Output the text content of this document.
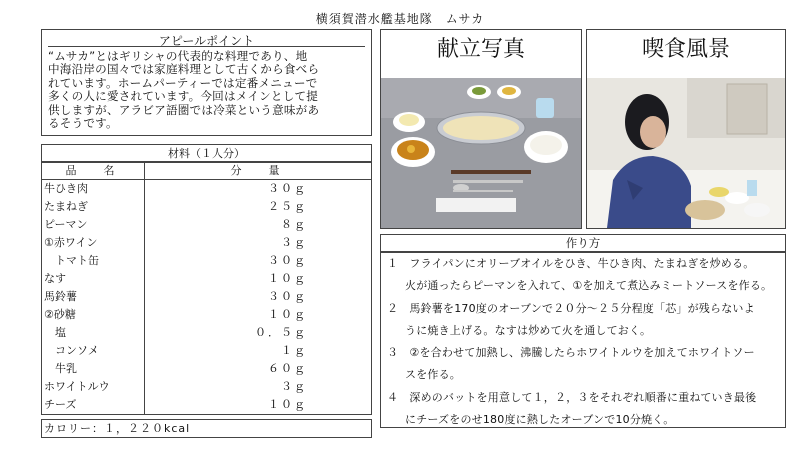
横須賀潜水艦基地隊　ムサカ
アピールポイント
“ムサカ”とはギリシャの代表的な料理であり、地
中海沿岸の国々では家庭料理として古くから食べら
れています。ホームパーティーでは定番メニューで
多くの人に愛されています。今回はメインとして提
供しますが、アラビア語圏では冷菜という意味があ
るそうです。
材料（１人分）
品　名	分　量
牛ひき肉	３０ｇ
たまねぎ	２５ｇ
ピーマン	８ｇ
①赤ワイン	３ｇ
　トマト缶	３０ｇ
なす	１０ｇ
馬鈴薯	３０ｇ
②砂糖	１０ｇ
　塩	０．５ｇ
　コンソメ	１ｇ
　牛乳	６０ｇ
ホワイトルウ	３ｇ
チーズ	１０ｇ
カロリー：１，２２０kcal
献立写真	喫食風景
作り方

１　フライパンにオリーブオイルをひき、牛ひき肉、たまねぎを炒める。

火が通ったらピーマンを入れて、①を加えて煮込みミートソースを作る。

２　馬鈴薯を170度のオーブンで２０分～２５分程度「芯」が残らないよ

うに焼き上げる。なすは炒めて火を通しておく。

３　②を合わせて加熱し、沸騰したらホワイトルウを加えてホワイトソー

スを作る。

４　深めのバットを用意して１，２，３をそれぞれ順番に重ねていき最後

にチーズをのせ180度に熱したオーブンで10分焼く。
